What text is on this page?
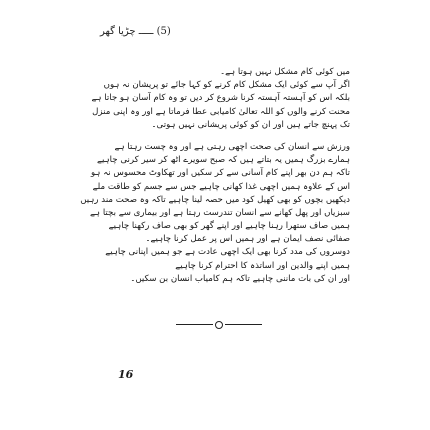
(5) ـــــ چڑیا گھر
میں کوئی کام مشکل نہیں ہوتا ہے۔
اگر آپ سے کوئی ایک مشکل کام کرنے کو کہا جائے تو پریشان نہ ہوں
بلکہ اس کو آہستہ آہستہ کرنا شروع کر دیں تو وہ کام آسان ہو جاتا ہے
محنت کرنے والوں کو اللہ تعالیٰ کامیابی عطا فرماتا ہے اور وہ اپنی منزل
تک پہنچ جاتے ہیں اور ان کو کوئی پریشانی نہیں ہوتی۔
ورزش سے انسان کی صحت اچھی رہتی ہے اور وہ چست رہتا ہے
ہمارے بزرگ ہمیں یہ بتاتے ہیں کہ صبح سویرے اٹھ کر سیر کرنی چاہیے
تاکہ ہم دن بھر اپنے کام آسانی سے کر سکیں اور تھکاوٹ محسوس نہ ہو
اس کے علاوہ ہمیں اچھی غذا کھانی چاہیے جس سے جسم کو طاقت ملے
دیکھیں بچوں کو بھی کھیل کود میں حصہ لینا چاہیے تاکہ وہ صحت مند رہیں
سبزیاں اور پھل کھانے سے انسان تندرست رہتا ہے اور بیماری سے بچتا ہے
ہمیں صاف ستھرا رہنا چاہیے اور اپنے گھر کو بھی صاف رکھنا چاہیے
صفائی نصف ایمان ہے اور ہمیں اس پر عمل کرنا چاہیے۔
دوسروں کی مدد کرنا بھی ایک اچھی عادت ہے جو ہمیں اپنانی چاہیے
ہمیں اپنے والدین اور اساتذہ کا احترام کرنا چاہیے
اور ان کی بات ماننی چاہیے تاکہ ہم کامیاب انسان بن سکیں۔
16
